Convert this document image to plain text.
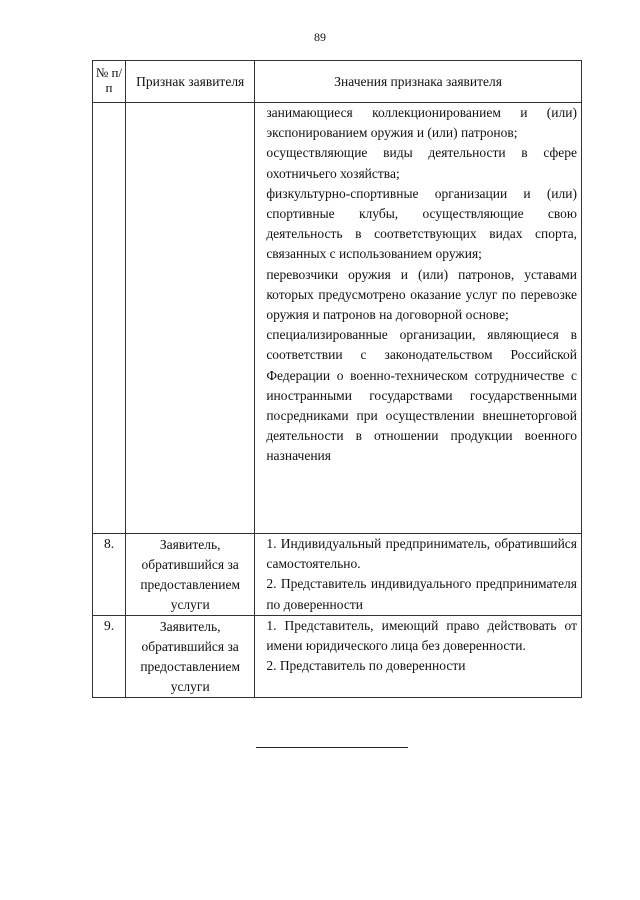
89
№ п/п	Признак заявителя	Значения признака заявителя

		занимающиеся коллекционированием и (или) экспонированием оружия и (или) патронов;
осуществляющие виды деятельности в сфере охотничьего хозяйства;
физкультурно-спортивные организации и (или) спортивные клубы, осуществляющие свою деятельность в соответствующих видах спорта, связанных с использованием оружия;
перевозчики оружия и (или) патронов, уставами которых предусмотрено оказание услуг по перевозке оружия и патронов на договорной основе;
специализированные организации, являющиеся в соответствии с законодательством Российской Федерации о военно-техническом сотрудничестве с иностранными государствами государственными посредниками при осуществлении внешнеторговой деятельности в отношении продукции военного назначения

8.	Заявитель, обратившийся за предоставлением услуги	1. Индивидуальный предприниматель, обратившийся самостоятельно.
2. Представитель индивидуального предпринимателя по доверенности

9.	Заявитель, обратившийся за предоставлением услуги	1. Представитель, имеющий право действовать от имени юридического лица без доверенности.
2. Представитель по доверенности
